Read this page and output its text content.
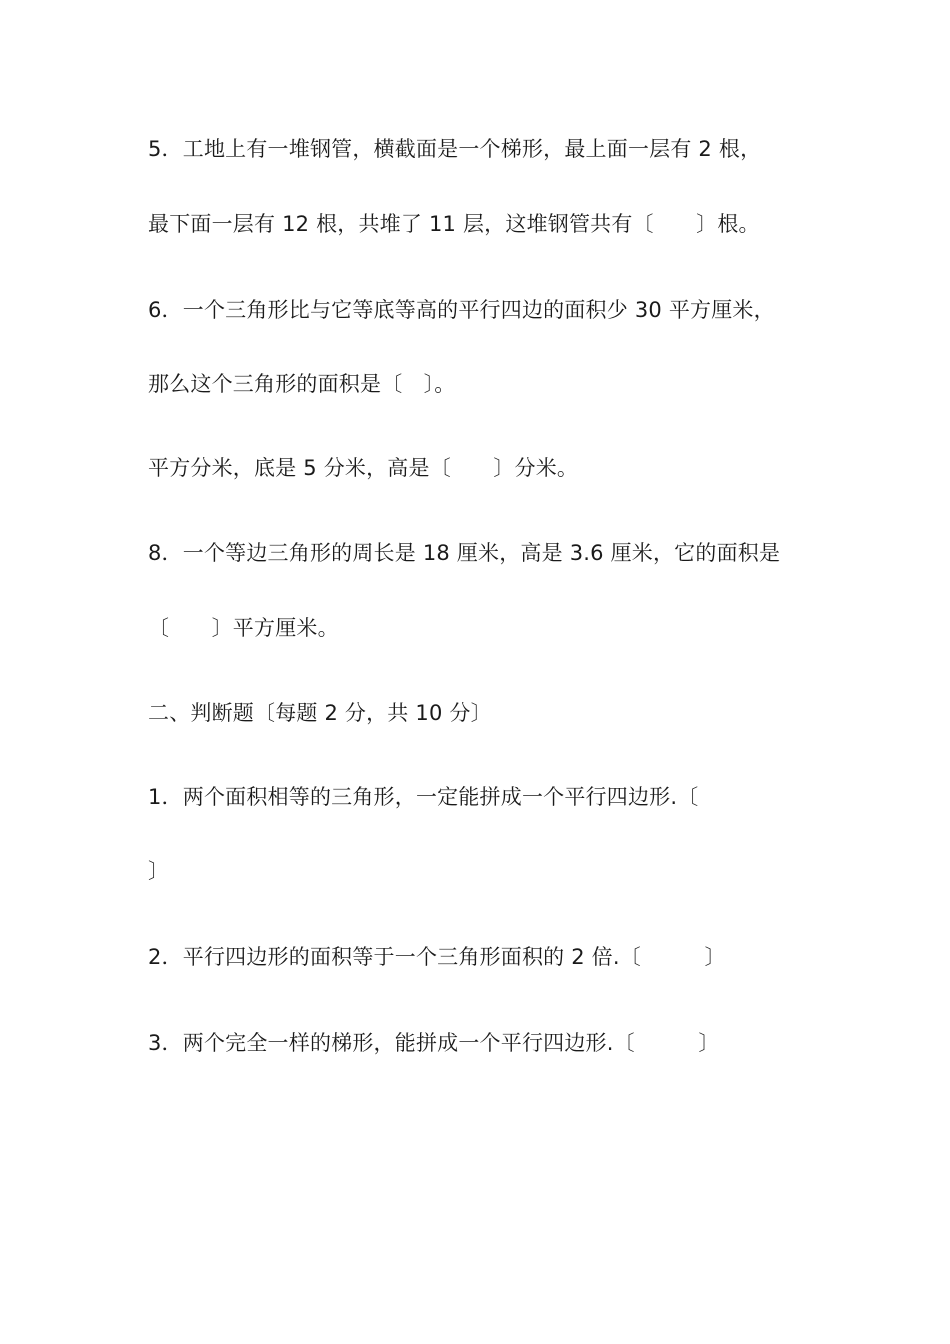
5．工地上有一堆钢管，横截面是一个梯形，最上面一层有 2 根，
最下面一层有 12 根，共堆了 11 层，这堆钢管共有〔　　〕根。
6．一个三角形比与它等底等高的平行四边的面积少 30 平方厘米，
那么这个三角形的面积是〔　〕。
平方分米，底是 5 分米，高是〔　　〕分米。
8．一个等边三角形的周长是 18 厘米，高是 3.6 厘米，它的面积是
〔　　〕平方厘米。
二、判断题〔每题 2 分，共 10 分〕
1．两个面积相等的三角形，一定能拼成一个平行四边形.〔
〕
2．平行四边形的面积等于一个三角形面积的 2 倍.〔　　　〕
3．两个完全一样的梯形，能拼成一个平行四边形.〔　　　〕
